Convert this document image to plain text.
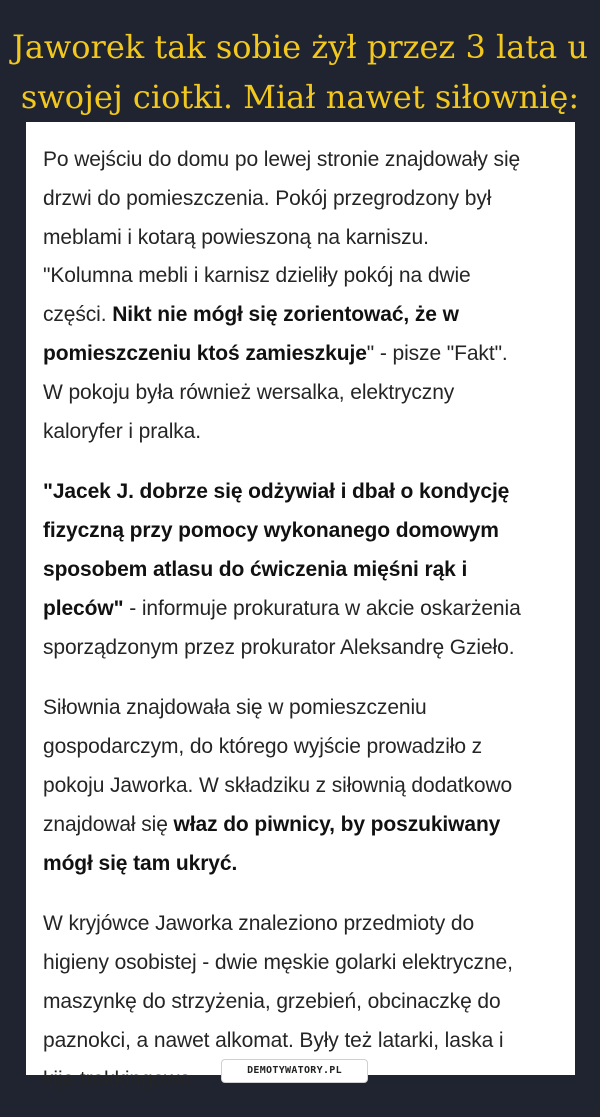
Jaworek tak sobie żył przez 3 lata u
swojej ciotki. Miał nawet siłownię:

Po wejściu do domu po lewej stronie znajdowały się
drzwi do pomieszczenia. Pokój przegrodzony był
meblami i kotarą powieszoną na karniszu.
"Kolumna mebli i karnisz dzieliły pokój na dwie
części. Nikt nie mógł się zorientować, że w
pomieszczeniu ktoś zamieszkuje" - pisze "Fakt".
W pokoju była również wersalka, elektryczny
kaloryfer i pralka.

"Jacek J. dobrze się odżywiał i dbał o kondycję
fizyczną przy pomocy wykonanego domowym
sposobem atlasu do ćwiczenia mięśni rąk i
pleców" - informuje prokuratura w akcie oskarżenia
sporządzonym przez prokurator Aleksandrę Gzieło.

Siłownia znajdowała się w pomieszczeniu
gospodarczym, do którego wyjście prowadziło z
pokoju Jaworka. W składziku z siłownią dodatkowo
znajdował się właz do piwnicy, by poszukiwany
mógł się tam ukryć.

W kryjówce Jaworka znaleziono przedmioty do
higieny osobistej - dwie męskie golarki elektryczne,
maszynkę do strzyżenia, grzebień, obcinaczkę do
paznokci, a nawet alkomat. Były też latarki, laska i
kije trekkingowe.	DEMOTYWATORY.PL
